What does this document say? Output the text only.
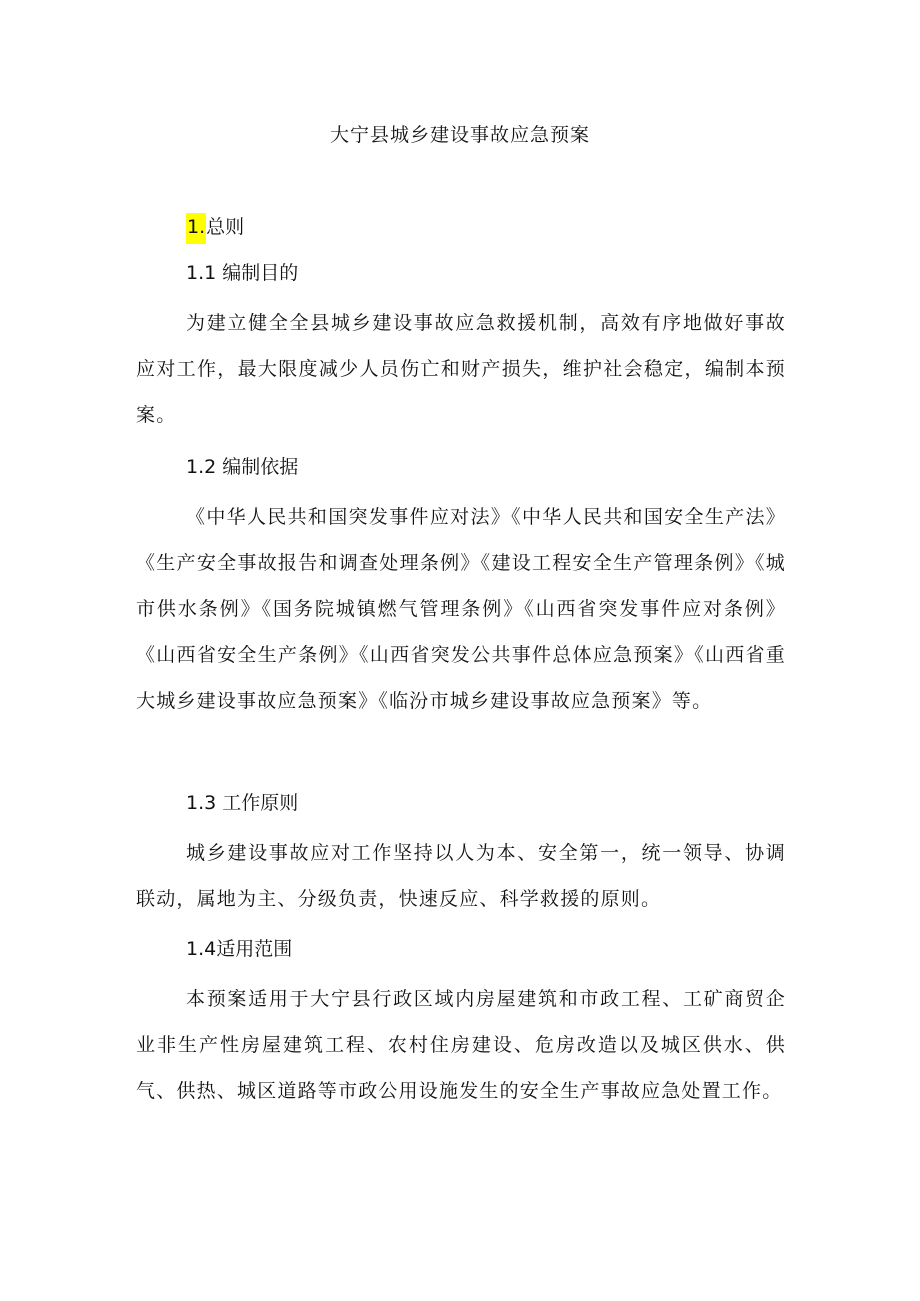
大宁县城乡建设事故应急预案
1.总则
1.1 编制目的

为建立健全全县城乡建设事故应急救援机制，高效有序地做好事故应对工作，最大限度减少人员伤亡和财产损失，维护社会稳定，编制本预案。

1.2 编制依据

《中华人民共和国突发事件应对法》《中华人民共和国安全生产法》《生产安全事故报告和调查处理条例》《建设工程安全生产管理条例》《城市供水条例》《国务院城镇燃气管理条例》《山西省突发事件应对条例》《山西省安全生产条例》《山西省突发公共事件总体应急预案》《山西省重大城乡建设事故应急预案》《临汾市城乡建设事故应急预案》等。

1.3 工作原则

城乡建设事故应对工作坚持以人为本、安全第一，统一领导、协调联动，属地为主、分级负责，快速反应、科学救援的原则。

1.4适用范围

本预案适用于大宁县行政区域内房屋建筑和市政工程、工矿商贸企业非生产性房屋建筑工程、农村住房建设、危房改造以及城区供水、供气、供热、城区道路等市政公用设施发生的安全生产事故应急处置工作。
